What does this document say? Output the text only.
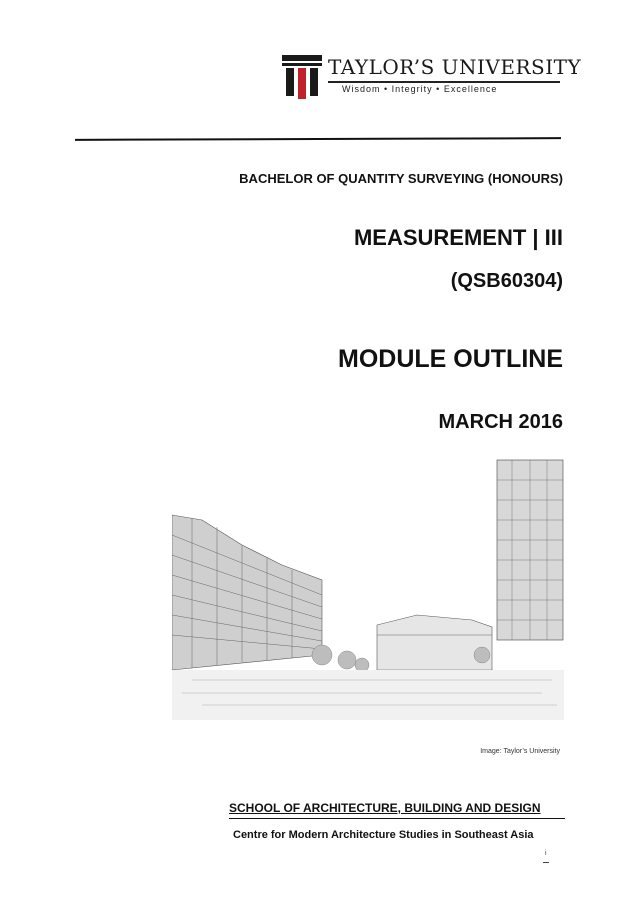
TAYLOR’S UNIVERSITY
Wisdom • Integrity • Excellence
BACHELOR OF QUANTITY SURVEYING (HONOURS)
MEASUREMENT | III
(QSB60304)
MODULE OUTLINE
MARCH 2016
Image: Taylor’s University
SCHOOL OF ARCHITECTURE, BUILDING AND DESIGN
Centre for Modern Architecture Studies in Southeast Asia
i
